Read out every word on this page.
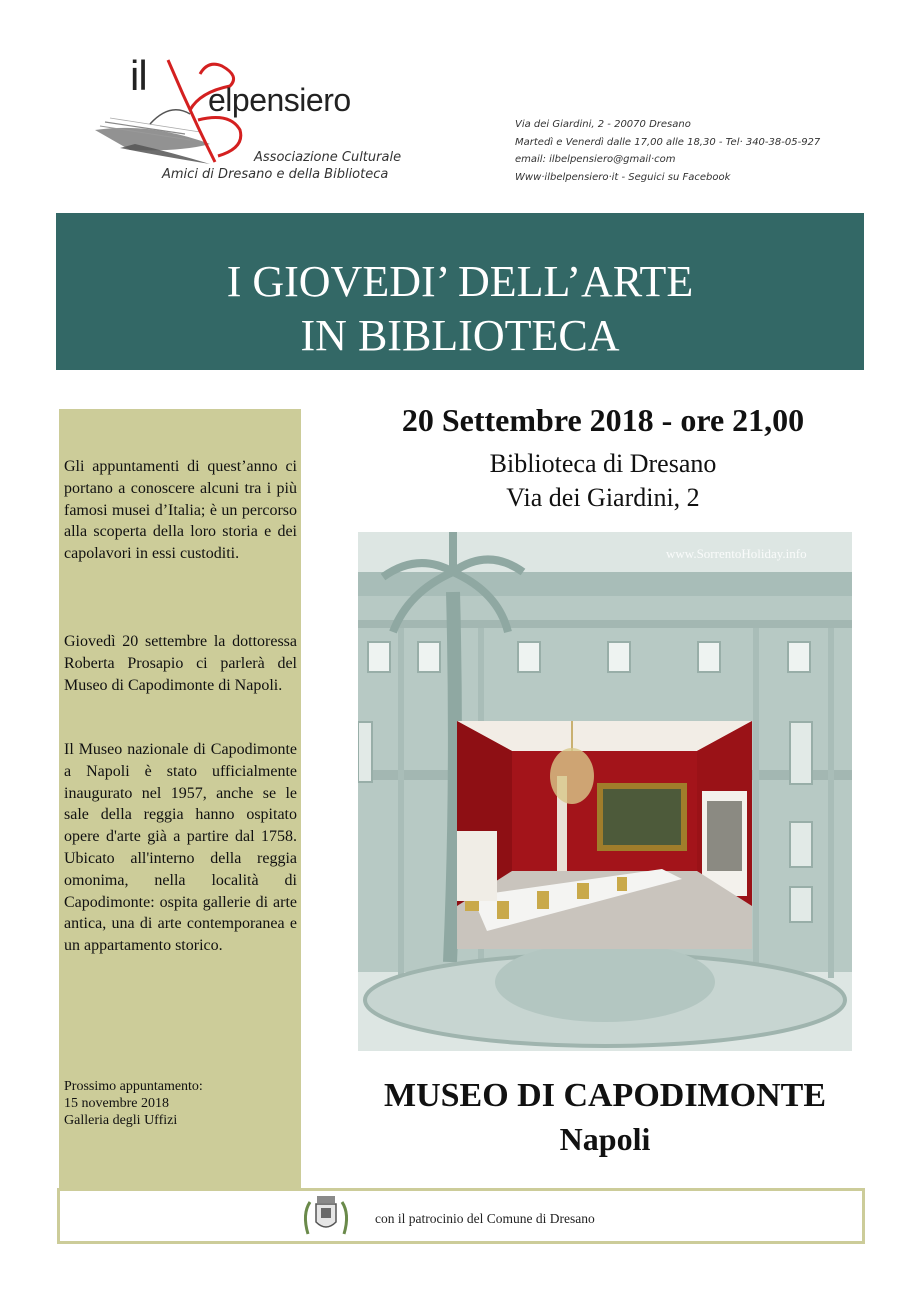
il
elpensiero
Associazione Culturale
Amici di Dresano e della Biblioteca
Via dei Giardini, 2 - 20070 Dresano
Martedì e Venerdì dalle 17,00 alle 18,30 - Tel· 340-38-05-927
email: ilbelpensiero@gmail·com
Www·ilbelpensiero·it - Seguici su Facebook
I GIOVEDI’ DELL’ARTE
IN BIBLIOTECA
Gli appuntamenti di quest’anno ci portano a conoscere alcuni tra i più famosi musei d’Italia; è un percorso alla scoperta della loro storia e dei capolavori in essi custoditi.
Giovedì 20 settembre la dottoressa Roberta Prosapio ci parlerà del Museo di Capodimonte di Napoli.
Il Museo nazionale di Capodimonte a Napoli è stato ufficialmente inaugurato nel 1957, anche se le sale della reggia hanno ospitato opere d'arte già a partire dal 1758. Ubicato all'interno della reggia omonima, nella località di Capodimonte: ospita gallerie di arte antica, una di arte contemporanea e un appartamento storico.
Prossimo appuntamento:
15 novembre 2018
Galleria degli Uffizi
20 Settembre 2018 - ore 21,00
Biblioteca di Dresano
Via dei Giardini, 2
www.SorrentoHoliday.info
MUSEO DI CAPODIMONTE
Napoli
con il patrocinio del Comune di Dresano
